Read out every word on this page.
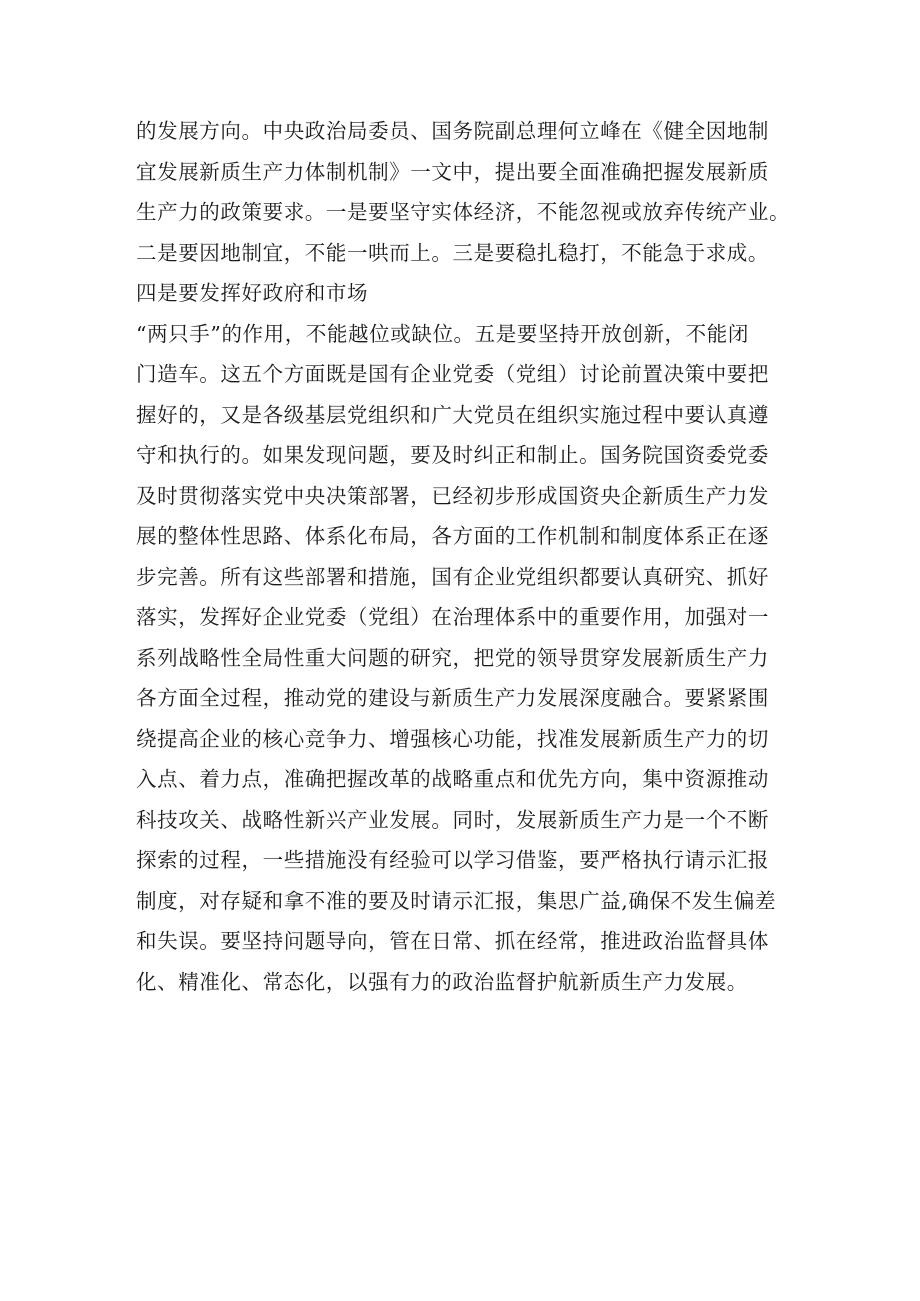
的发展方向。中央政治局委员、国务院副总理何立峰在《健全因地制
宜发展新质生产力体制机制》一文中，提出要全面准确把握发展新质
生产力的政策要求。一是要坚守实体经济，不能忽视或放弃传统产业。
二是要因地制宜，不能一哄而上。三是要稳扎稳打，不能急于求成。
四是要发挥好政府和市场
“两只手”的作用，不能越位或缺位。五是要坚持开放创新，不能闭
门造车。这五个方面既是国有企业党委（党组）讨论前置决策中要把
握好的，又是各级基层党组织和广大党员在组织实施过程中要认真遵
守和执行的。如果发现问题，要及时纠正和制止。国务院国资委党委
及时贯彻落实党中央决策部署，已经初步形成国资央企新质生产力发
展的整体性思路、体系化布局，各方面的工作机制和制度体系正在逐
步完善。所有这些部署和措施，国有企业党组织都要认真研究、抓好
落实，发挥好企业党委（党组）在治理体系中的重要作用，加强对一
系列战略性全局性重大问题的研究，把党的领导贯穿发展新质生产力
各方面全过程，推动党的建设与新质生产力发展深度融合。要紧紧围
绕提高企业的核心竞争力、增强核心功能，找准发展新质生产力的切
入点、着力点，准确把握改革的战略重点和优先方向，集中资源推动
科技攻关、战略性新兴产业发展。同时，发展新质生产力是一个不断
探索的过程，一些措施没有经验可以学习借鉴，要严格执行请示汇报
制度，对存疑和拿不准的要及时请示汇报，集思广益,确保不发生偏差
和失误。要坚持问题导向，管在日常、抓在经常，推进政治监督具体
化、精准化、常态化，以强有力的政治监督护航新质生产力发展。
